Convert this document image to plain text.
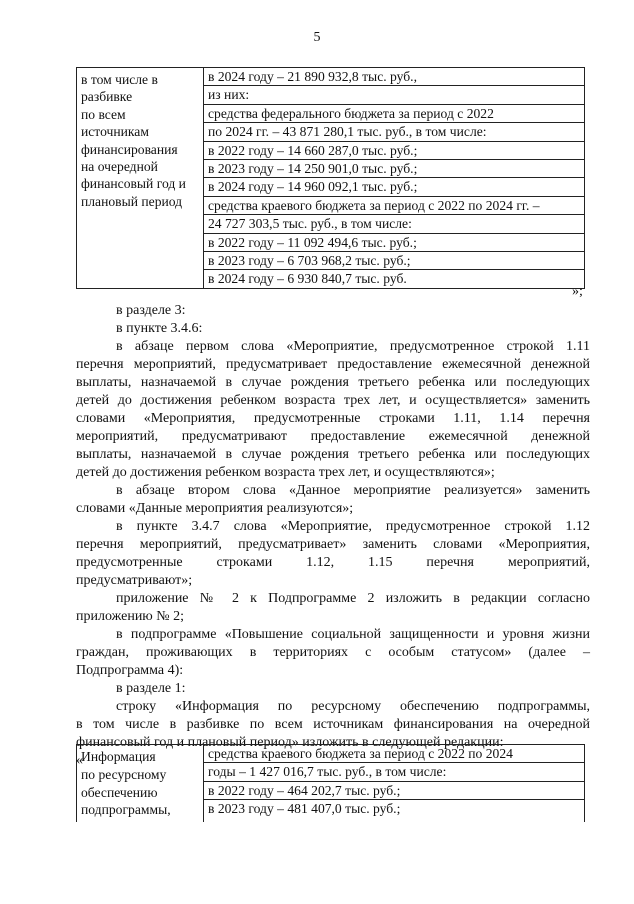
5
в том числе в
разбивке
по всем
источникам
финансирования
на очередной
финансовый год и
плановый период
в 2024 году – 21 890 932,8 тыс. руб.,
из них:
средства федерального бюджета за период с 2022
по 2024 гг. – 43 871 280,1 тыс. руб., в том числе:
в 2022 году – 14 660 287,0 тыс. руб.;
в 2023 году – 14 250 901,0 тыс. руб.;
в 2024 году – 14 960 092,1 тыс. руб.;
средства краевого бюджета за период с 2022 по 2024 гг. –
24 727 303,5 тыс. руб., в том числе:
в 2022 году – 11 092 494,6 тыс. руб.;
в 2023 году – 6 703 968,2 тыс. руб.;
в 2024 году – 6 930 840,7 тыс. руб.
»;
в разделе 3:
в пункте 3.4.6:
в абзаце первом слова «Мероприятие, предусмотренное строкой 1.11
перечня мероприятий, предусматривает предоставление ежемесячной денежной
выплаты, назначаемой в случае рождения третьего ребенка или последующих
детей до достижения ребенком возраста трех лет, и осуществляется» заменить
словами «Мероприятия, предусмотренные строками 1.11, 1.14 перечня
мероприятий, предусматривают предоставление ежемесячной денежной
выплаты, назначаемой в случае рождения третьего ребенка или последующих
детей до достижения ребенком возраста трех лет, и осуществляются»;
в абзаце втором слова «Данное мероприятие реализуется» заменить
словами «Данные мероприятия реализуются»;
в пункте 3.4.7 слова «Мероприятие, предусмотренное строкой 1.12
перечня мероприятий, предусматривает» заменить словами «Мероприятия,
предусмотренные строками 1.12, 1.15 перечня мероприятий,
предусматривают»;
приложение № 2 к Подпрограмме 2 изложить в редакции согласно
приложению № 2;
в подпрограмме «Повышение социальной защищенности и уровня жизни
граждан, проживающих в территориях с особым статусом» (далее –
Подпрограмма 4):
в разделе 1:
строку «Информация по ресурсному обеспечению подпрограммы,
в том числе в разбивке по всем источникам финансирования на очередной
финансовый год и плановый период» изложить в следующей редакции:
«
Информация
по ресурсному
обеспечению
подпрограммы,
средства краевого бюджета за период с 2022 по 2024
годы – 1 427 016,7 тыс. руб., в том числе:
в 2022 году – 464 202,7 тыс. руб.;
в 2023 году – 481 407,0 тыс. руб.;
